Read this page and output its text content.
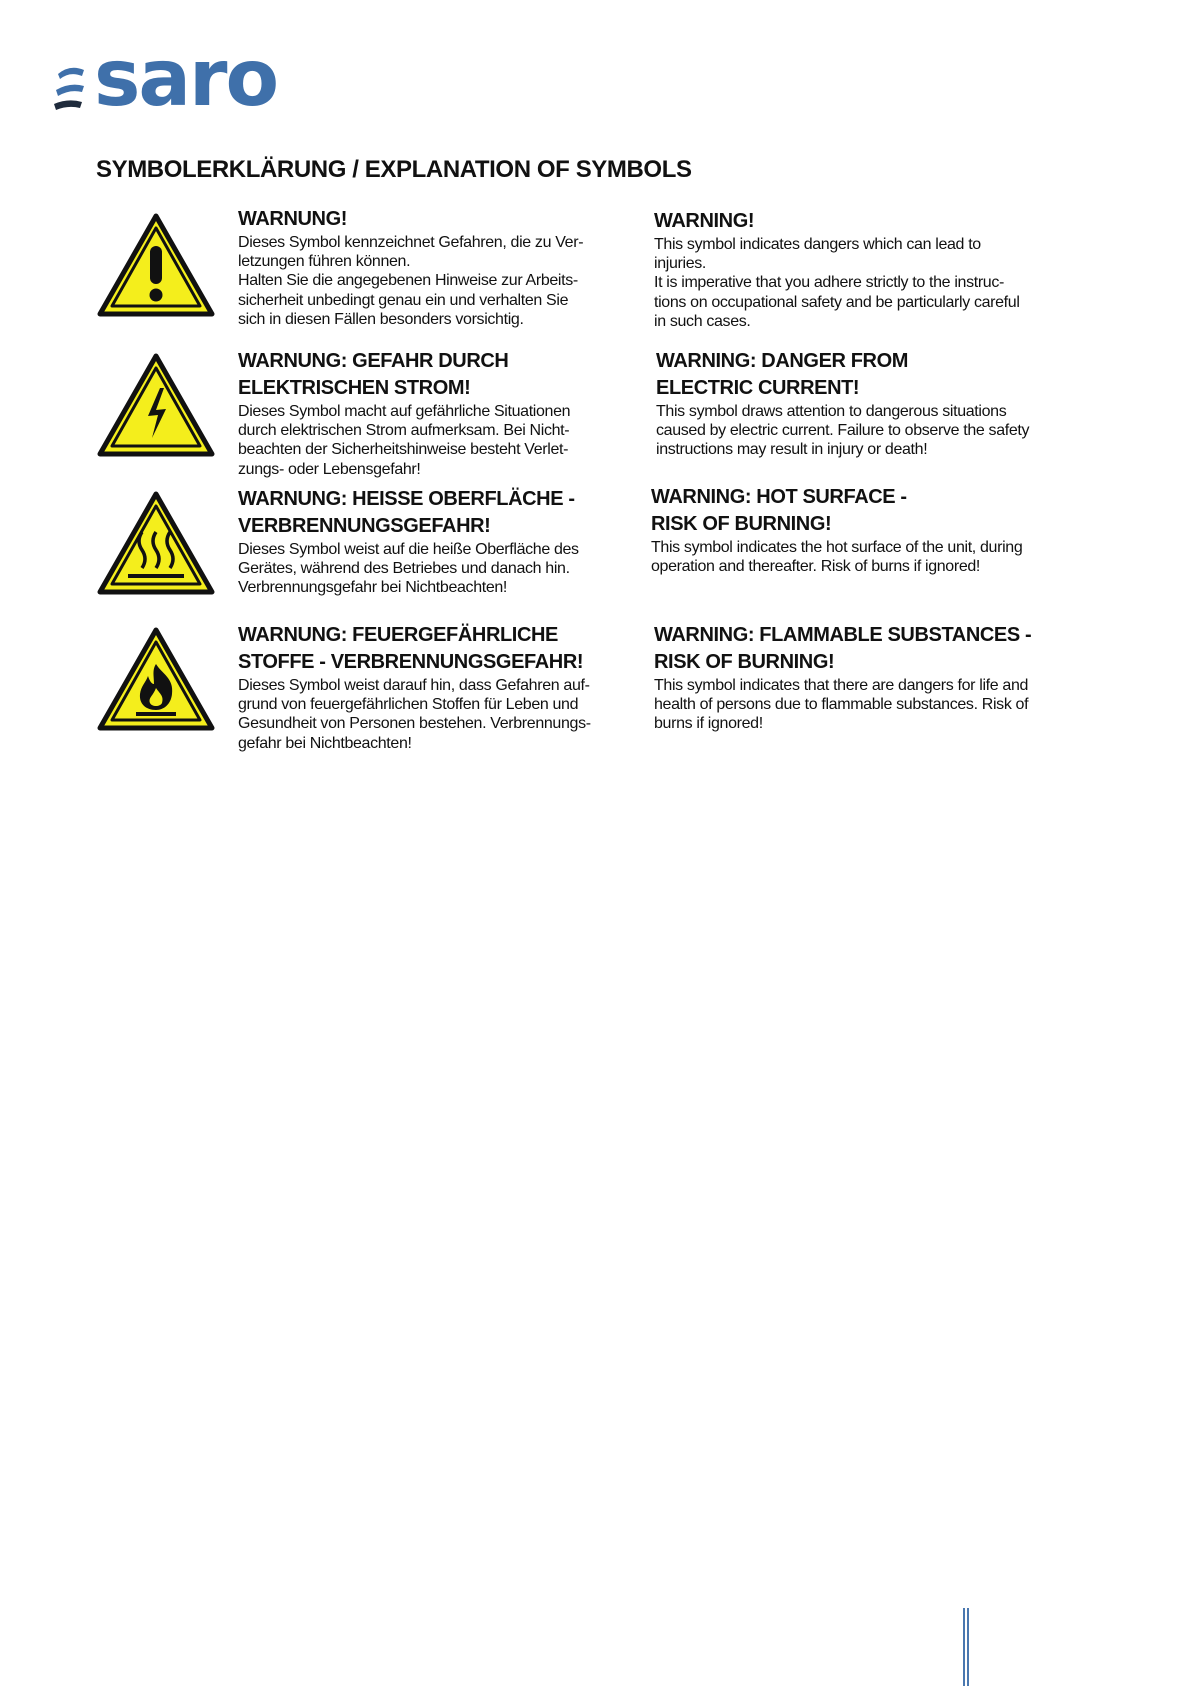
saro
SYMBOLERKLÄRUNG / EXPLANATION OF SYMBOLS

WARNUNG!

Dieses Symbol kennzeichnet Gefahren, die zu Ver-
letzungen führen können.
Halten Sie die angegebenen Hinweise zur Arbeits-
sicherheit unbedingt genau ein und verhalten Sie
sich in diesen Fällen besonders vorsichtig.

WARNING!

This symbol indicates dangers which can lead to
injuries.
It is imperative that you adhere strictly to the instruc-
tions on occupational safety and be particularly careful
in such cases.

WARNUNG: GEFAHR DURCH
ELEKTRISCHEN STROM!

Dieses Symbol macht auf gefährliche Situationen
durch elektrischen Strom aufmerksam. Bei Nicht-
beachten der Sicherheitshinweise besteht Verlet-
zungs- oder Lebensgefahr!

WARNING: DANGER FROM
ELECTRIC CURRENT!

This symbol draws attention to dangerous situations
caused by electric current. Failure to observe the safety
instructions may result in injury or death!

WARNUNG: HEISSE OBERFLÄCHE -
VERBRENNUNGSGEFAHR!

Dieses Symbol weist auf die heiße Oberfläche des
Gerätes, während des Betriebes und danach hin.
Verbrennungsgefahr bei Nichtbeachten!

WARNING: HOT SURFACE -
RISK OF BURNING!

This symbol indicates the hot surface of the unit, during
operation and thereafter. Risk of burns if ignored!

WARNUNG: FEUERGEFÄHRLICHE
STOFFE - VERBRENNUNGSGEFAHR!

Dieses Symbol weist darauf hin, dass Gefahren auf-
grund von feuergefährlichen Stoffen für Leben und
Gesundheit von Personen bestehen. Verbrennungs-
gefahr bei Nichtbeachten!

WARNING: FLAMMABLE SUBSTANCES -
RISK OF BURNING!

This symbol indicates that there are dangers for life and
health of persons due to flammable substances. Risk of
burns if ignored!
